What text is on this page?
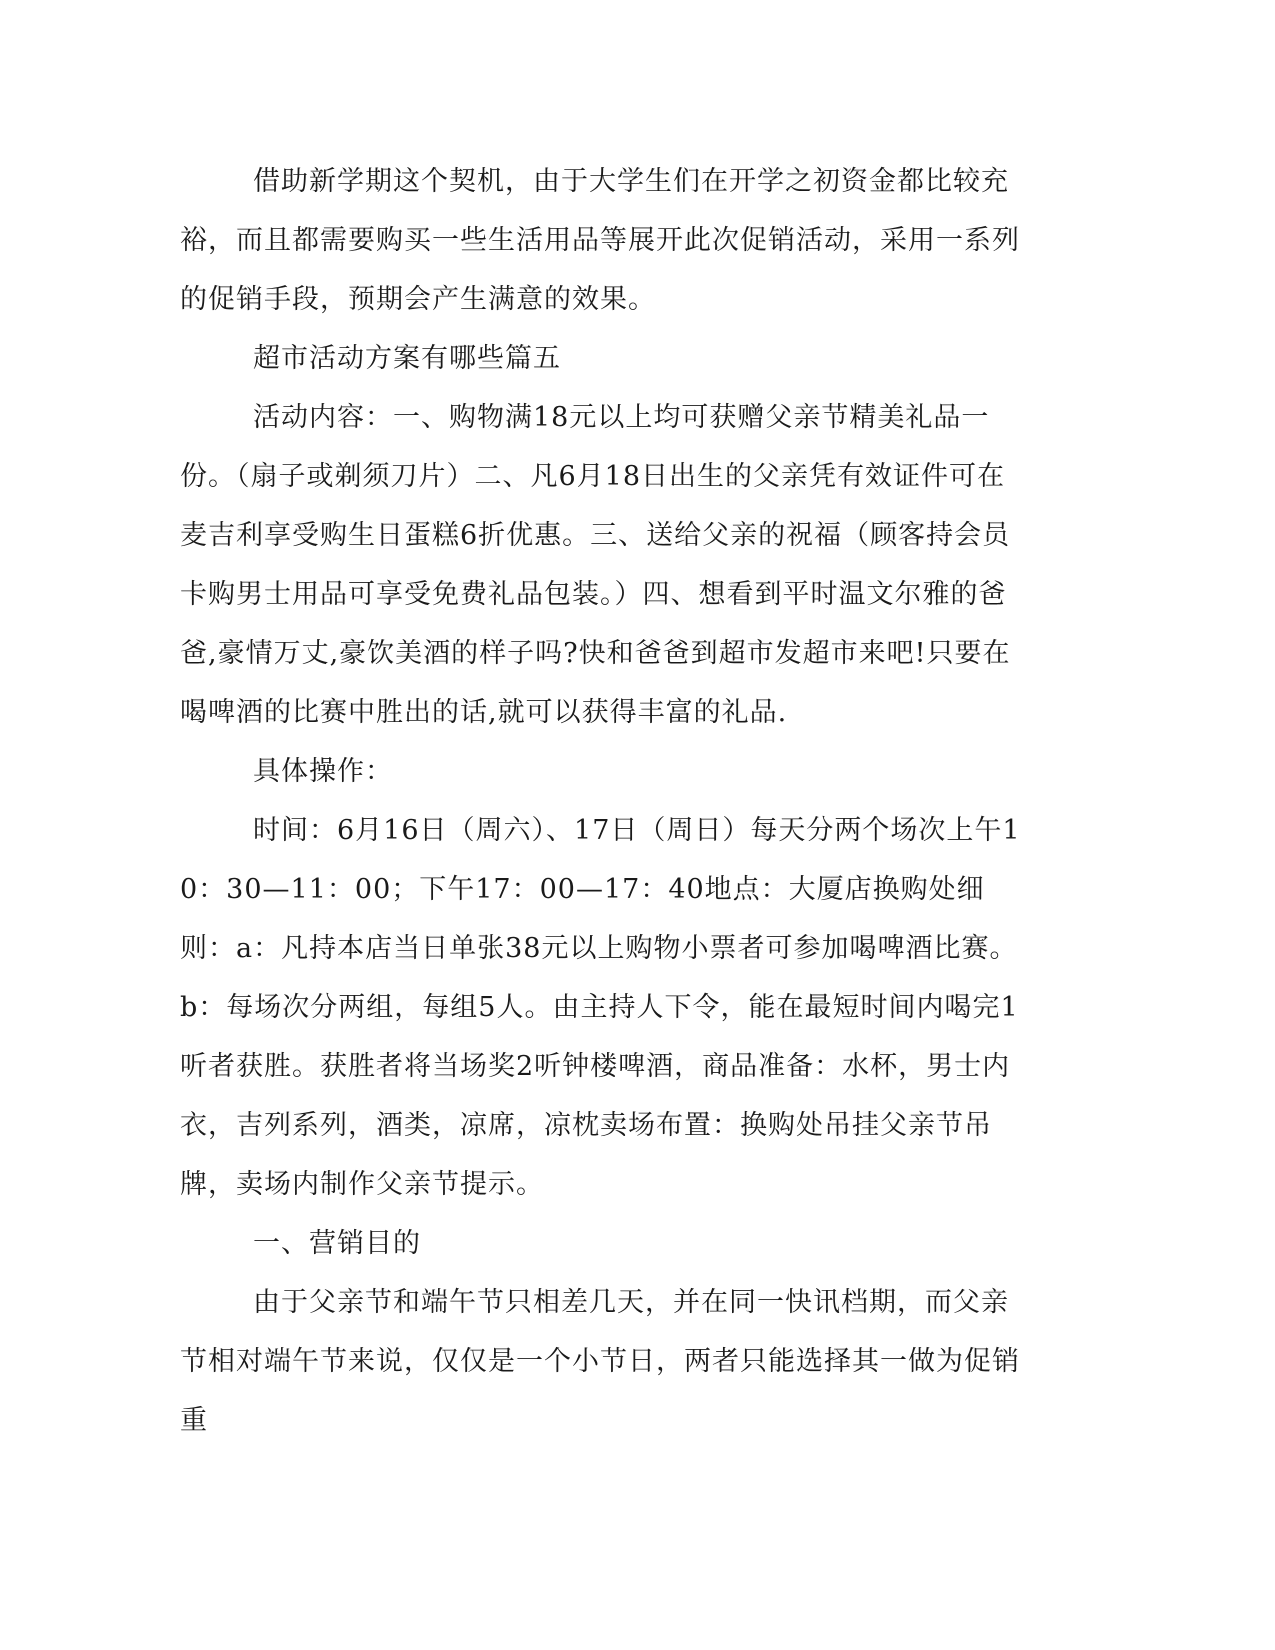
借助新学期这个契机，由于大学生们在开学之初资金都比较充裕，而且都需要购买一些生活用品等展开此次促销活动，采用一系列的促销手段，预期会产生满意的效果。

超市活动方案有哪些篇五

活动内容：一、购物满18元以上均可获赠父亲节精美礼品一份。（扇子或剃须刀片）二、凡6月18日出生的父亲凭有效证件可在麦吉利享受购生日蛋糕6折优惠。三、送给父亲的祝福（顾客持会员卡购男士用品可享受免费礼品包装。）四、想看到平时温文尔雅的爸爸,豪情万丈,豪饮美酒的样子吗?快和爸爸到超市发超市来吧!只要在喝啤酒的比赛中胜出的话,就可以获得丰富的礼品.

具体操作：

时间：6月16日（周六）、17日（周日）每天分两个场次上午10：30—11：00；下午17：00—17：40地点：大厦店换购处细则：a：凡持本店当日单张38元以上购物小票者可参加喝啤酒比赛。b：每场次分两组，每组5人。由主持人下令，能在最短时间内喝完1听者获胜。获胜者将当场奖2听钟楼啤酒，商品准备：水杯，男士内衣，吉列系列，酒类，凉席，凉枕卖场布置：换购处吊挂父亲节吊牌，卖场内制作父亲节提示。

一、营销目的

由于父亲节和端午节只相差几天，并在同一快讯档期，而父亲节相对端午节来说，仅仅是一个小节日，两者只能选择其一做为促销重
